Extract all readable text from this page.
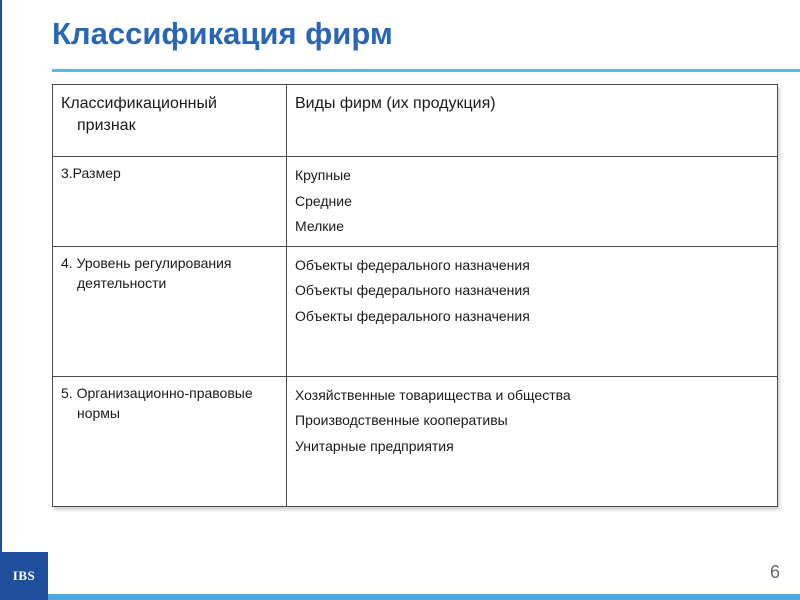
Классификация фирм
Классификационный признак	Виды фирм (их продукция)

3.Размер	Крупные
Средние
Мелкие

4. Уровень регулирования деятельности	Объекты федерального назначения
Объекты федерального назначения
Объекты федерального назначения

5. Организационно-правовые нормы	Хозяйственные товарищества и общества
Производственные кооперативы
Унитарные предприятия
IBS	6
